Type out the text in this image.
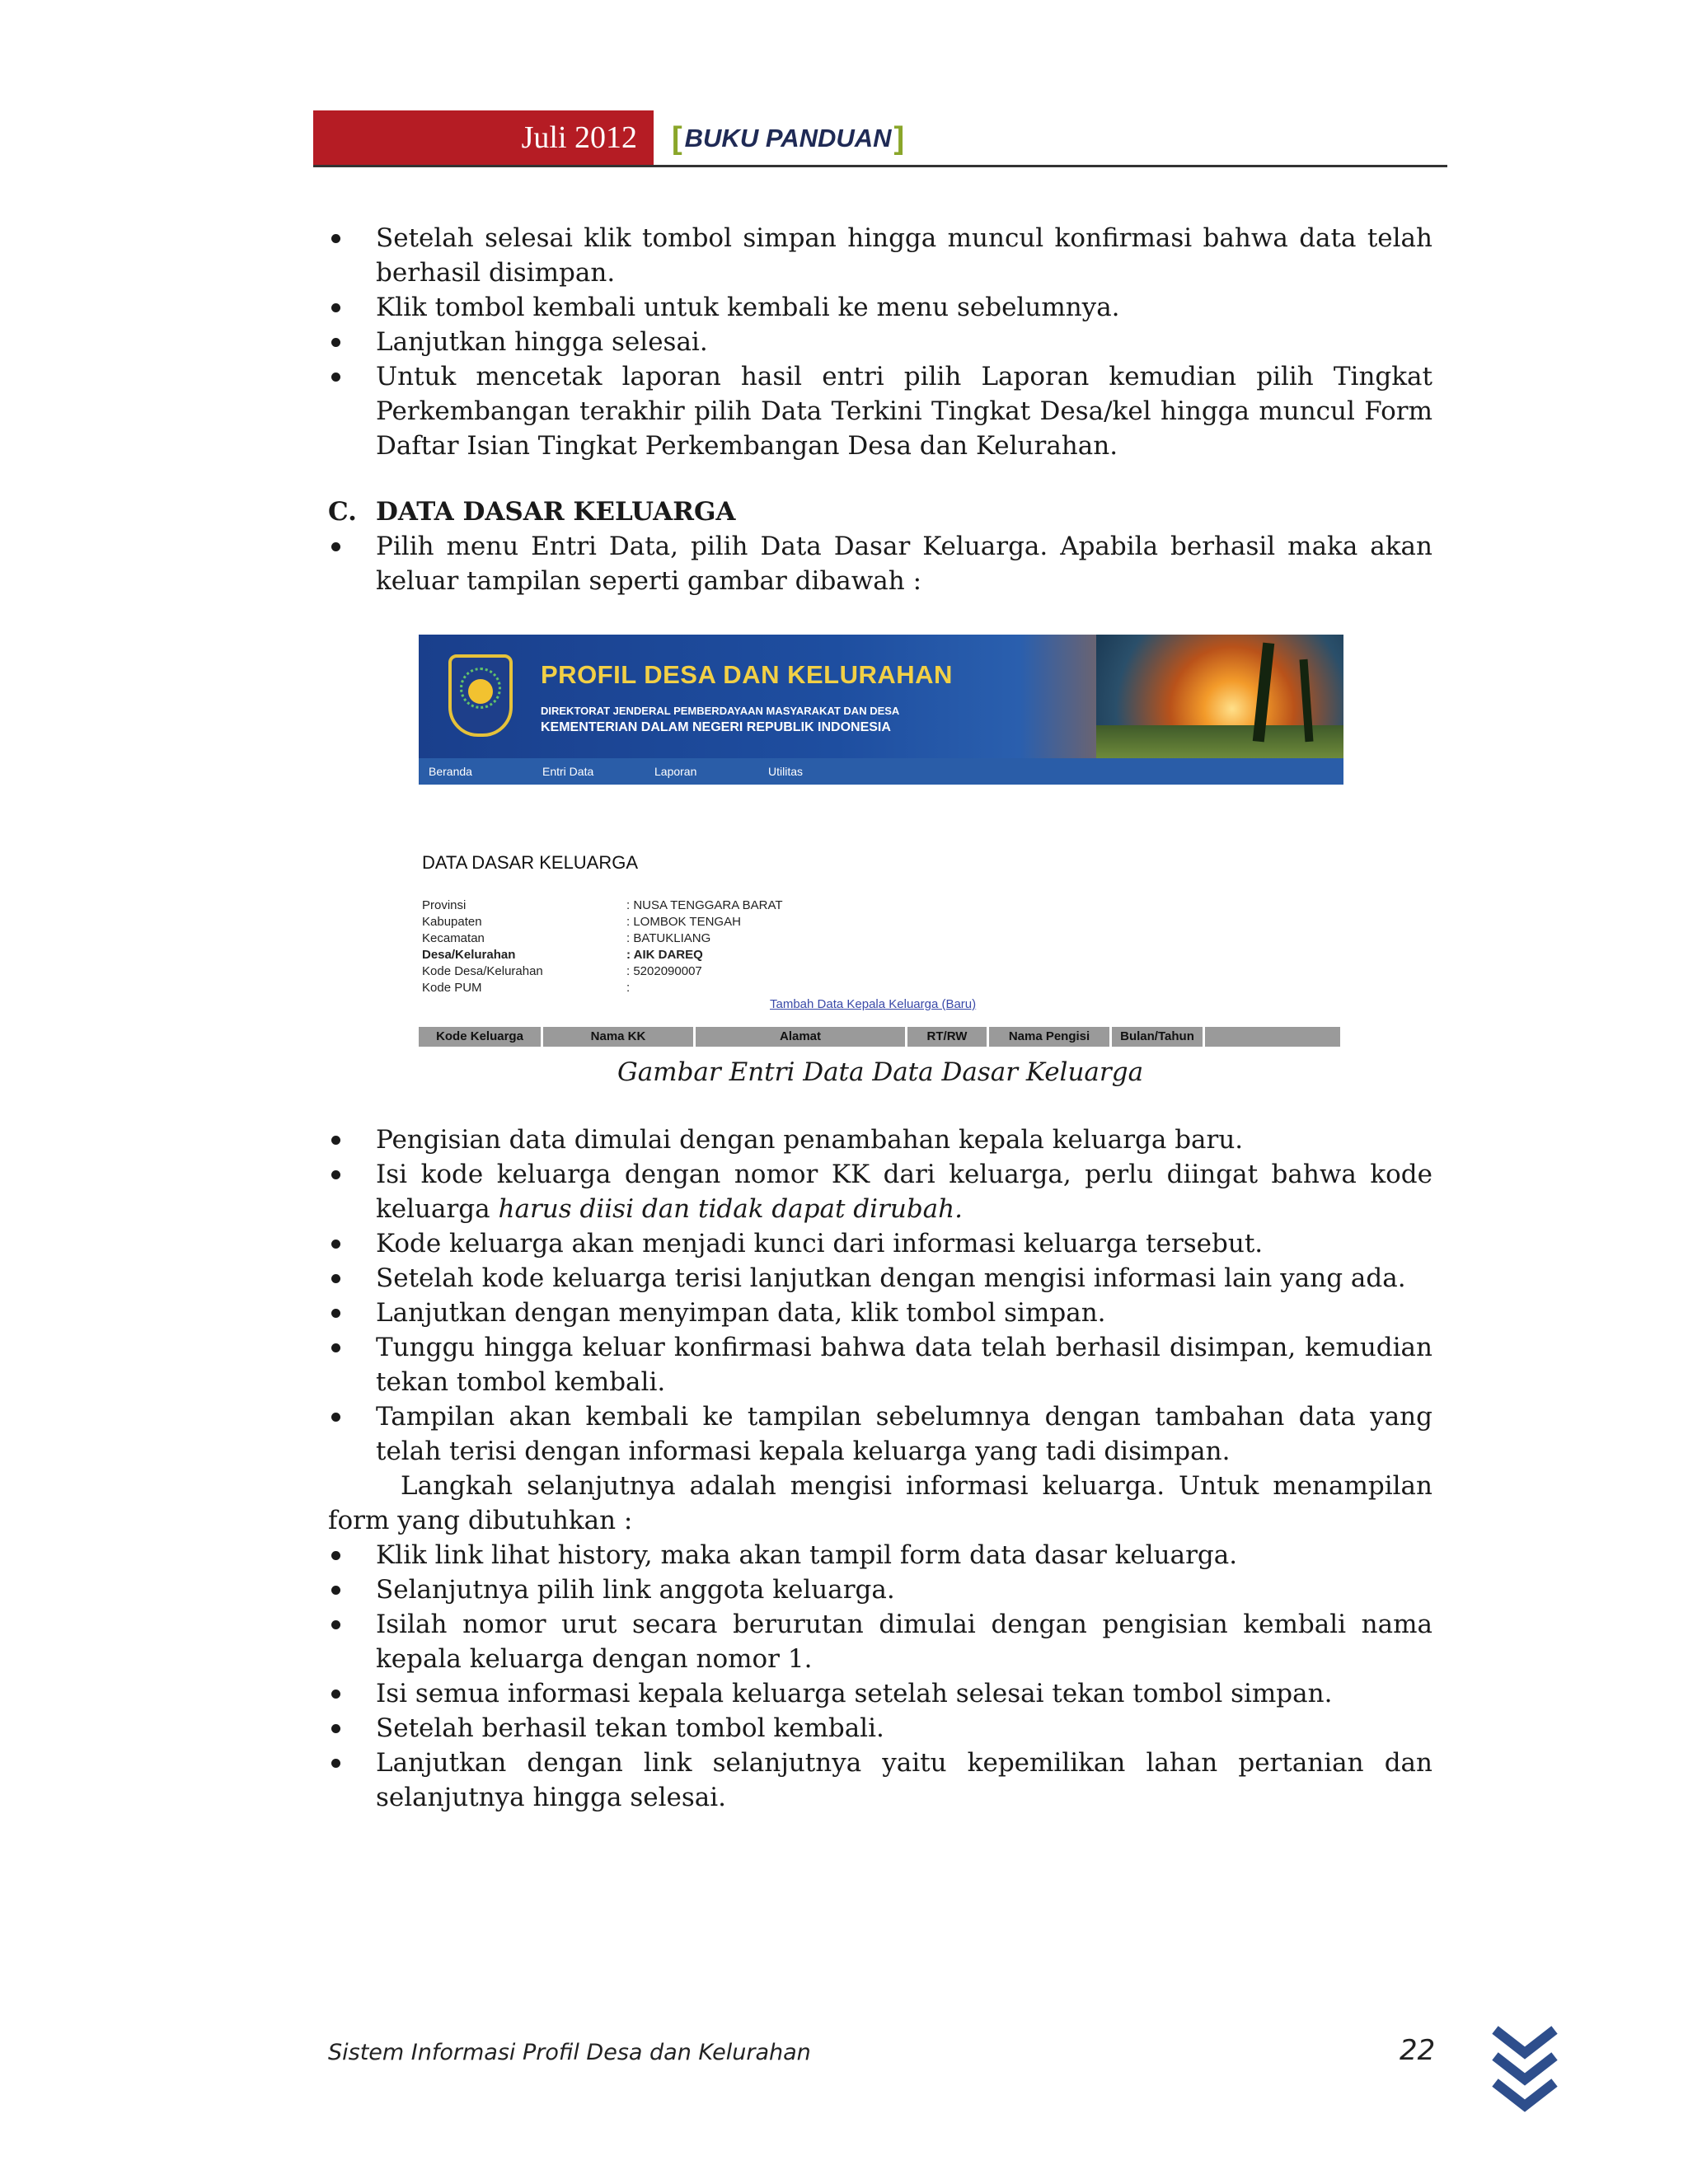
Juli 2012	[ BUKU PANDUAN ]
Setelah selesai klik tombol simpan hingga muncul konfirmasi bahwa data telah berhasil disimpan.
Klik tombol kembali untuk kembali ke menu sebelumnya.
Lanjutkan hingga selesai.
Untuk mencetak laporan hasil entri pilih Laporan kemudian pilih Tingkat Perkembangan terakhir pilih Data Terkini Tingkat Desa/kel hingga muncul Form Daftar Isian Tingkat Perkembangan Desa dan Kelurahan.
C. DATA DASAR KELUARGA
Pilih menu Entri Data, pilih Data Dasar Keluarga. Apabila berhasil maka akan keluar tampilan seperti gambar dibawah :
PROFIL DESA DAN KELURAHAN
DIREKTORAT JENDERAL PEMBERDAYAAN MASYARAKAT DAN DESA
KEMENTERIAN DALAM NEGERI REPUBLIK INDONESIA
Beranda	Entri Data	Laporan	Utilitas
DATA DASAR KELUARGA
Provinsi	: NUSA TENGGARA BARAT
Kabupaten	: LOMBOK TENGAH
Kecamatan	: BATUKLIANG
Desa/Kelurahan	: AIK DAREQ
Kode Desa/Kelurahan	: 5202090007
Kode PUM	:
Tambah Data Kepala Keluarga (Baru)
Kode Keluarga	Nama KK	Alamat	RT/RW	Nama Pengisi	Bulan/Tahun
Gambar Entri Data Data Dasar Keluarga
Pengisian data dimulai dengan penambahan kepala keluarga baru.
Isi kode keluarga dengan nomor KK dari keluarga, perlu diingat bahwa kode keluarga harus diisi dan tidak dapat dirubah.
Kode keluarga akan menjadi kunci dari informasi keluarga tersebut.
Setelah kode keluarga terisi lanjutkan dengan mengisi informasi lain yang ada.
Lanjutkan dengan menyimpan data, klik tombol simpan.
Tunggu hingga keluar konfirmasi bahwa data telah berhasil disimpan, kemudian tekan tombol kembali.
Tampilan akan kembali ke tampilan sebelumnya dengan tambahan data yang telah terisi dengan informasi kepala keluarga yang tadi disimpan.
Langkah selanjutnya adalah mengisi informasi keluarga. Untuk menampilan form yang dibutuhkan :
Klik link lihat history, maka akan tampil form data dasar keluarga.
Selanjutnya pilih link anggota keluarga.
Isilah nomor urut secara berurutan dimulai dengan pengisian kembali nama kepala keluarga dengan nomor 1.
Isi semua informasi kepala keluarga setelah selesai tekan tombol simpan.
Setelah berhasil tekan tombol kembali.
Lanjutkan dengan link selanjutnya yaitu kepemilikan lahan pertanian dan selanjutnya hingga selesai.
Sistem Informasi Profil Desa dan Kelurahan	22
